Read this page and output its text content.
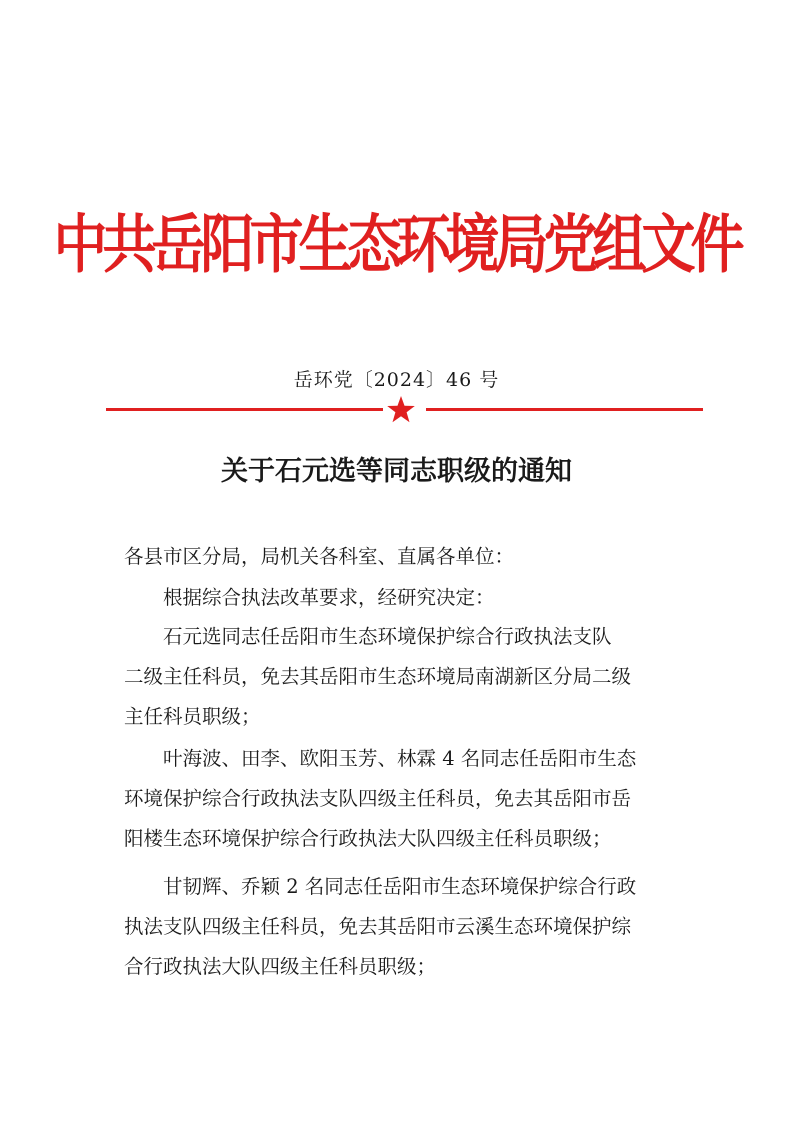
中共岳阳市生态环境局党组文件
岳环党〔2024〕46 号
关于石元选等同志职级的通知
各县市区分局，局机关各科室、直属各单位：
根据综合执法改革要求，经研究决定：
石元选同志任岳阳市生态环境保护综合行政执法支队
二级主任科员，免去其岳阳市生态环境局南湖新区分局二级
主任科员职级；
叶海波、田李、欧阳玉芳、林霖 4 名同志任岳阳市生态
环境保护综合行政执法支队四级主任科员，免去其岳阳市岳
阳楼生态环境保护综合行政执法大队四级主任科员职级；
甘韧辉、乔颖 2 名同志任岳阳市生态环境保护综合行政
执法支队四级主任科员，免去其岳阳市云溪生态环境保护综
合行政执法大队四级主任科员职级；
